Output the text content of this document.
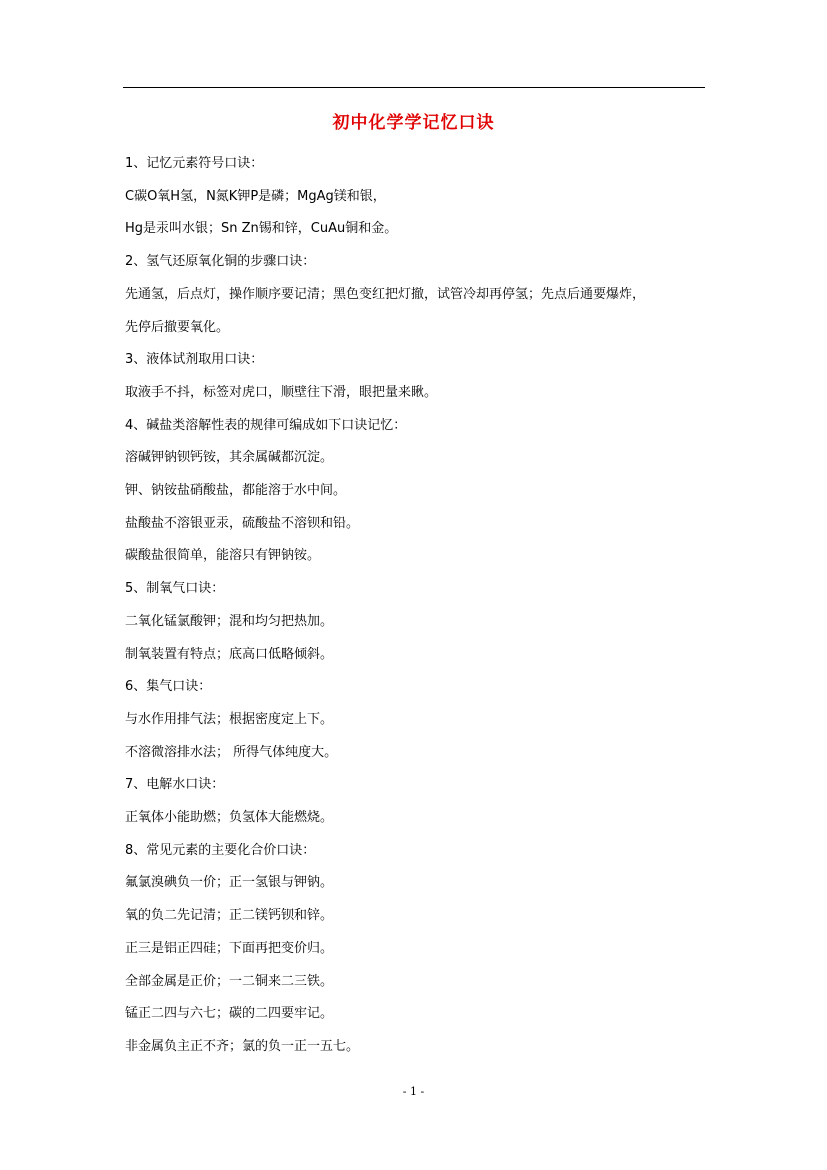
初中化学学记忆口诀
1、记忆元素符号口诀：
C碳O氧H氢，N氮K钾P是磷；MgAg镁和银，
Hg是汞叫水银；Sn Zn锡和锌，CuAu铜和金。
2、氢气还原氧化铜的步骤口诀：
先通氢，后点灯，操作顺序要记清；黑色变红把灯撤，试管冷却再停氢；先点后通要爆炸，
先停后撤要氧化。
3、液体试剂取用口诀：
取液手不抖，标签对虎口，顺壁往下滑，眼把量来瞅。
4、碱盐类溶解性表的规律可编成如下口诀记忆：
溶碱钾钠钡钙铵，其余属碱都沉淀。
钾、钠铵盐硝酸盐，都能溶于水中间。
盐酸盐不溶银亚汞，硫酸盐不溶钡和铅。
碳酸盐很简单，能溶只有钾钠铵。
5、制氧气口诀：
二氧化锰氯酸钾；混和均匀把热加。
制氧装置有特点；底高口低略倾斜。
6、集气口诀：
与水作用排气法；根据密度定上下。
不溶微溶排水法； 所得气体纯度大。
7、电解水口诀：
正氧体小能助燃；负氢体大能燃烧。
8、常见元素的主要化合价口诀：
氟氯溴碘负一价；正一氢银与钾钠。
氧的负二先记清；正二镁钙钡和锌。
正三是铝正四硅；下面再把变价归。
全部金属是正价；一二铜来二三铁。
锰正二四与六七；碳的二四要牢记。
非金属负主正不齐；氯的负一正一五七。
- 1 -
